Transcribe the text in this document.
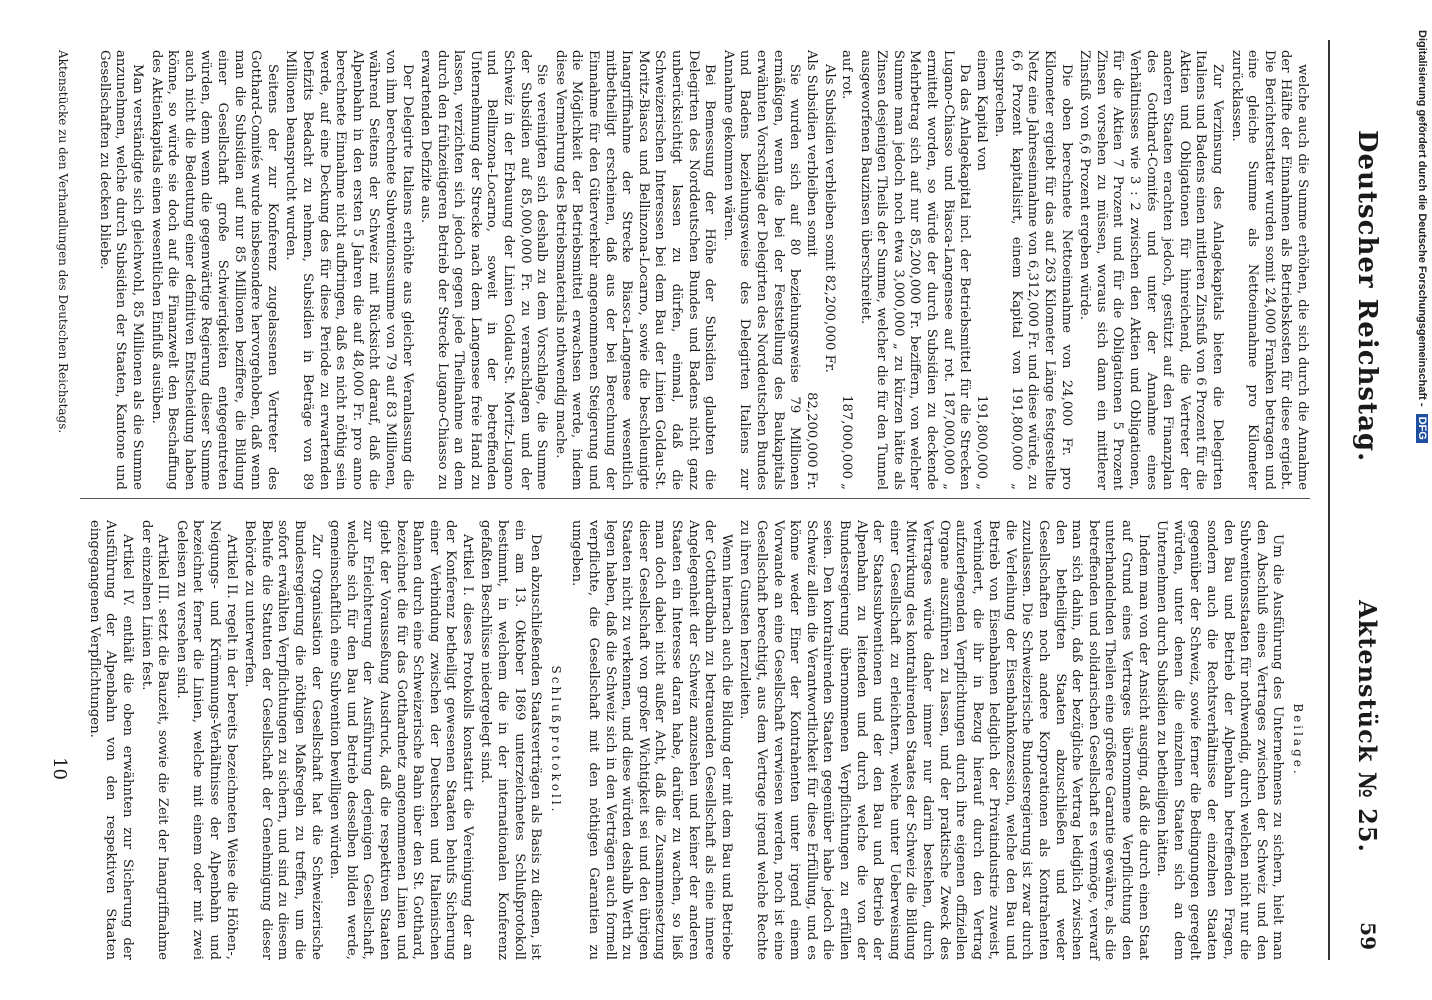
Deutscher Reichstag.
Aktenstück № 25.
59

welche auch die Summe erhöhen, die sich durch die Annahme der Hälfte der Einnahmen als Betriebskosten für diese ergiebt. Die Berichterstatter wurden somit 24,000 Franken betragen und eine gleiche Summe als Nettoeinnahme pro Kilometer zurücklassen.

Zur Verzinsung des Anlagekapitals bieten die Delegirten Italiens und Badens einen mittleren Zinsfuß von 6 Prozent für die Aktien und Obligationen für hinreichend, die Vertreter der anderen Staaten erachten jedoch, gestützt auf den Finanzplan des Gotthard-Comités und unter der Annahme eines Verhältnisses wie 3 : 2 zwischen den Aktien und Obligationen, für die Aktien 7 Prozent und für die Obligationen 5 Prozent Zinsen vorsehen zu müssen, woraus sich dann ein mittlerer Zinsfuß von 6,6 Prozent ergeben würde.

Die oben berechnete Nettoeinnahme von 24,000 Fr. pro Kilometer ergiebt für das auf 263 Kilometer Länge festgestellte Netz eine Jahreseinnahme von 6,312,000 Fr. und diese würde, zu 6,6 Prozent kapitalisirt, einem Kapital von 191,800,000 „ entsprechen.

einem Kapital von
191,800,000 „

Da das Anlagekapital incl. der Betriebsmittel für die Strecken Lugano-Chiasso und Biasca-Langensee auf rot. 187,000,000 „ ermittelt worden, so würde der durch Subsidien zu deckende Mehrbetrag sich auf nur 85,200,000 Fr. beziffern, von welcher Summe man jedoch noch etwa 3,000,000 „ zu kürzen hätte als Zinsen desjenigen Theils der Summe, welcher die für den Tunnel ausgeworfenen Bauzinsen überschreitet.

auf rot.
187,000,000 „

Als Subsidien verbleiben somit 82,200,000 Fr.

Als Subsidien verbleiben somit
82,200,000 Fr.

Sie wurden sich auf 80 beziehungsweise 79 Millionen ermäßigen, wenn die bei der Feststellung des Baukapitals erwähnten Vorschläge der Delegirten des Norddeutschen Bundes und Badens beziehungsweise des Delegirten Italiens zur Annahme gekommen wären.

Bei Bemessung der Höhe der Subsidien glaubten die Delegirten des Norddeutschen Bundes und Badens nicht ganz unberücksichtigt lassen zu dürfen, einmal, daß die Schweizerischen Interessen bei dem Bau der Linien Goldau-St. Moritz-Biasca und Bellinzona-Locarno, sowie die beschleunigte Inangriffnahme der Strecke Biasca-Langensee wesentlich mitbetheiligt erscheinen, daß aus der bei Berechnung der Einnahme für den Güterverkehr angenommenen Steigerung und die Möglichkeit der Betriebsmittel erwachsen werde, indem diese Vermehrung des Betriebsmaterials nothwendig mache.

Sie vereinigten sich deshalb zu dem Vorschlage, die Summe der Subsidien auf 85,000,000 Fr. zu veranschlagen und der Schweiz in der Erbauung der Linien Goldau-St. Moritz-Lugano und Bellinzona-Locarno, soweit in der betreffenden Unternehmung der Strecke nach dem Langensee freie Hand zu lassen, verzichten sich jedoch gegen jede Theilnahme an dem durch den frühzeitigeren Betrieb der Strecke Lugano-Chiasso zu erwartenden Defizite aus.

Der Delegirte Italiens erhöhte aus gleicher Veranlassung die von ihm berechnete Subventionssumme von 79 auf 83 Millionen, während Seitens der Schweiz mit Rücksicht darauf, daß die Alpenbahn in den ersten 5 Jahren die auf 48,000 Fr. pro anno berechnete Einnahme nicht aufbringen, daß es nicht nöthig sein werde, auf eine Deckung des für diese Periode zu erwartenden Defizits Bedacht zu nehmen, Subsidien in Beträge von 89 Millionen beansprucht wurden.

Seitens der zur Konferenz zugelassenen Vertreter des Gotthard-Comités wurde insbesondere hervorgehoben, daß wenn man die Subsidien auf nur 85 Millionen beziffere, die Bildung einer Gesellschaft große Schwierigkeiten entgegentreten würden, denn wenn die gegenwärtige Regierung dieser Summe auch nicht die Bedeutung einer definitiven Entscheidung haben könne, so würde sie doch auf die Finanzwelt den Beschaffung des Aktienkapitals einen wesentlichen Einfluß ausüben.

Man verständigte sich gleichwohl, 85 Millionen als die Summe anzunehmen, welche durch Subsidien der Staaten, Kantone und Gesellschaften zu decken bliebe.

Beilage.

Um die Ausführung des Unternehmens zu sichern, hielt man den Abschluß eines Vertrages zwischen der Schweiz und den Subventionsstaaten für nothwendig, durch welchen nicht nur die den Bau und Betrieb der Alpenbahn betreffenden Fragen, sondern auch die Rechtsverhältnisse der einzelnen Staaten gegenüber der Schweiz, sowie ferner die Bedingungen geregelt würden, unter denen die einzelnen Staaten sich an dem Unternehmen durch Subsidien zu betheiligen hätten.

Indem man von der Ansicht ausging, daß die durch einen Staat auf Grund eines Vertrages übernommene Verpflichtung den unterhandelnden Theilen eine größere Garantie gewähre, als die betreffenden und solidarischen Gesellschaft es vermöge, verwarf man sich dahin, daß der bezügliche Vertrag lediglich zwischen den betheiligten Staaten abzuschließen und weder Gesellschaften noch andere Korporationen als Kontrahenten zuzulassen. Die Schweizerische Bundesregierung ist zwar durch die Verleihung der Eisenbahnkonzession, welche den Bau und Betrieb von Eisenbahnen lediglich der Privatindustrie zuweist, verhindert, die ihr in Bezug hierauf durch den Vertrag aufzuerlegenden Verpflichtungen durch ihre eigenen offiziellen Organe auszuführen zu lassen, und der praktische Zweck des Vertrages würde daher immer nur darin bestehen, durch Mitwirkung des kontrahirenden Staates der Schweiz die Bildung einer Gesellschaft zu erleichtern, welche unter Ueberweisung der Staatssubventionen und der den Bau und Betrieb der Alpenbahn zu leitenden und durch welche die von der Bundesregierung übernommenen Verpflichtungen zu erfüllen seien. Den kontrahirenden Staaten gegenüber habe jedoch die Schweiz allein die Verantwortlichkeit für diese Erfüllung, und es könne weder Einer der Kontrahenten unter irgend einem Vorwande an eine Gesellschaft verwiesen werden, noch ist eine Gesellschaft berechtigt, aus dem Vertrage irgend welche Rechte zu ihren Gunsten herzuleiten.

Wenn hiernach auch die Bildung der mit dem Bau und Betriebe der Gotthardbahn zu betrauenden Gesellschaft als eine innere Angelegenheit der Schweiz anzusehen und keiner der anderen Staaten ein Interesse daran habe, darüber zu wachen, so ließ man doch dabei nicht außer Acht, daß die Zusammensetzung dieser Gesellschaft von großer Wichtigkeit sei und den übrigen Staaten nicht zu verkennen, und diese würden deshalb Werth zu legen haben, daß die Schweiz sich in den Verträgen auch formell verpflichte, die Gesellschaft mit den nöthigen Garantien zu umgeben.

Schlußprotokoll.

Den abzuschließenden Staatsverträgen als Basis zu dienen, ist ein am 13. Oktober 1869 unterzeichnetes Schlußprotokoll bestimmt, in welchem die in der internationalen Konferenz gefaßten Beschlüsse niedergelegt sind.

Artikel I. dieses Protokolls konstatirt die Vereinigung der an der Konferenz betheiligt gewesenen Staaten behufs Sicherung einer Verbindung zwischen der Deutschen und Italienischen Bahnen durch eine Schweizerische Bahn über den St. Gotthard, bezeichnet die für das Gotthardnetz angenommenen Linien und giebt der Vorausseßung Ausdruck, daß die respektiven Staaten zur Erleichterung der Ausführung derjenigen Gesellschaft, welche sich für den Bau und Betrieb desselben bilden werde, gemeinschaftlich eine Subvention bewilligen würden.

Zur Organisation der Gesellschaft hat die Schweizerische Bundesregierung die nöthigen Maßregeln zu treffen, um die sofort erwählten Verpflichtungen zu sichern, und sind zu diesem Behufe die Statuten der Gesellschaft der Genehmigung dieser Behörde zu unterwerfen.

Artikel II. regelt in der bereits bezeichneten Weise die Höhen-, Neigungs- und Krümmungs-Verhältnisse der Alpenbahn und bezeichnet ferner die Linien, welche mit einem oder mit zwei Geleisen zu versehen sind.

Artikel III. setzt die Bauzeit, sowie die Zeit der Inangriffnahme der einzelnen Linien fest.

Artikel IV. enthält die oben erwähnten zur Sicherung der Ausführung der Alpenbahn von den respektiven Staaten eingegangenen Verpflichtungen.

Aktenstücke zu den Verhandlungen des Deutschen Reichstags.
10
Digitalisierung gefördert durch die Deutsche Forschungsgemeinschaft - DFG
